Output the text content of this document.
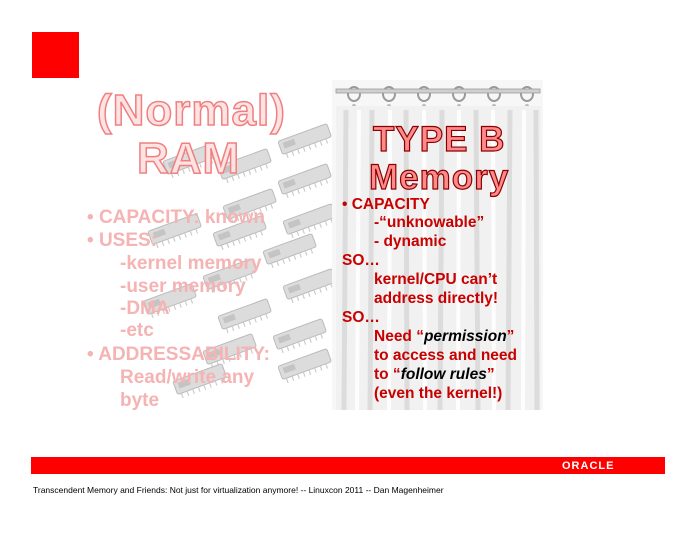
(Normal)
RAM
• CAPACITY: known
• USES:
-kernel memory
-user memory
-DMA
-etc
• ADDRESSABILITY:
Read/write any
byte
TYPE B
Memory
• CAPACITY
-“unknowable”
- dynamic
SO…
kernel/CPU can’t
address directly!
SO…
Need “permission”
to access and need
to “follow rules”
(even the kernel!)
ORACLE
Transcendent Memory and Friends: Not just for virtualization anymore! -- Linuxcon 2011 -- Dan Magenheimer
